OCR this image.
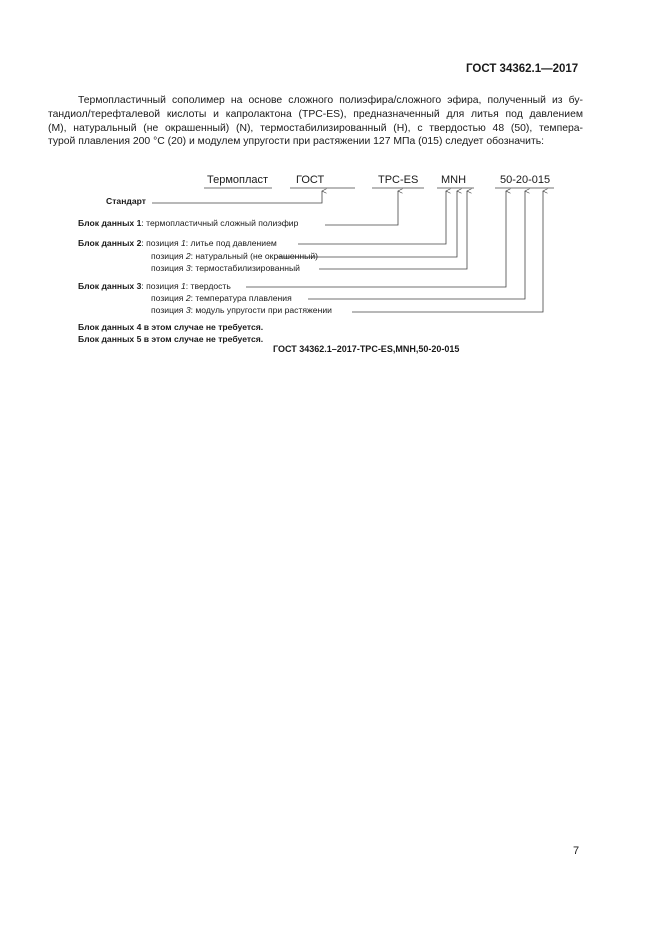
ГОСТ 34362.1—2017
Термопластичный сополимер на основе сложного полиэфира/сложного эфира, полученный из бу-
тандиол/терефталевой кислоты и капролактона (TPC-ES), предназначенный для литья под давлением
(M), натуральный (не окрашенный) (N), термостабилизированный (H), с твердостью 48 (50), темпера-
турой плавления 200 °C (20) и модулем упругости при растяжении 127 МПа (015) следует обозначить:
Термопласт	ГОСТ	TPC-ES MNH	50-20-015
Стандарт
Блок данных 1: термопластичный сложный полиэфир
Блок данных 2: позиция 1: литье под давлением
позиция 2: натуральный (не окрашенный)
позиция 3: термостабилизированный
Блок данных 3: позиция 1: твердость
позиция 2: температура плавления
позиция 3: модуль упругости при растяжении
Блок данных 4 в этом случае не требуется.
Блок данных 5 в этом случае не требуется.
ГОСТ 34362.1–2017-TPC-ES,MNH,50-20-015
7
